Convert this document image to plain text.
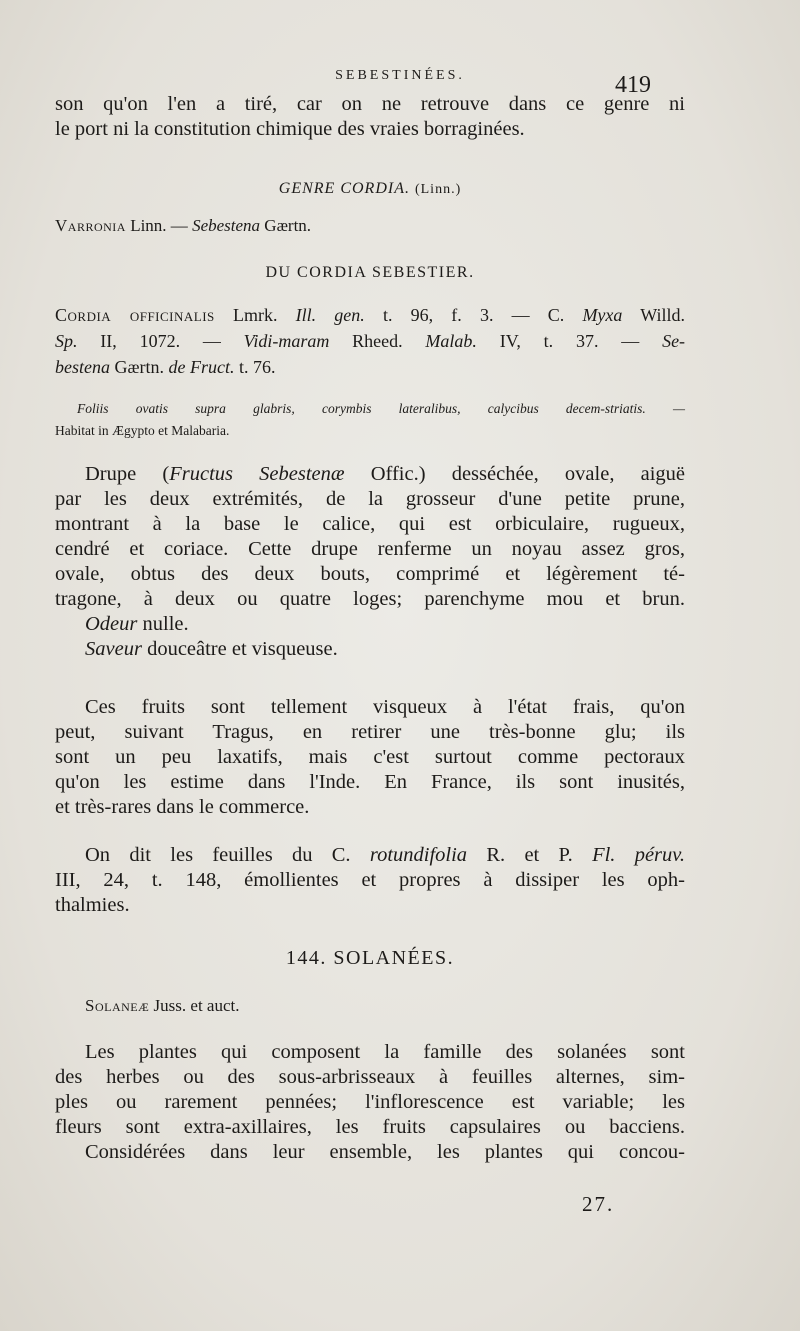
SEBESTINÉES.	419

son qu'on l'en a tiré, car on ne retrouve dans ce genre ni

le port ni la constitution chimique des vraies borraginées.

GENRE CORDIA. (Linn.)

Varronia Linn. — Sebestena Gærtn.
DU CORDIA SEBESTIER.

Cordia officinalis Lmrk. Ill. gen. t. 96, f. 3. — C. Myxa Willd.

Sp. II, 1072. — Vidi-maram Rheed. Malab. IV, t. 37. — Se-

bestena Gærtn. de Fruct. t. 76.

Foliis ovatis supra glabris, corymbis lateralibus, calycibus decem-striatis. —

Habitat in Ægypto et Malabaria.

Drupe (Fructus Sebestenæ Offic.) desséchée, ovale, aiguë

par les deux extrémités, de la grosseur d'une petite prune,

montrant à la base le calice, qui est orbiculaire, rugueux,

cendré et coriace. Cette drupe renferme un noyau assez gros,

ovale, obtus des deux bouts, comprimé et légèrement té-

tragone, à deux ou quatre loges; parenchyme mou et brun.

Odeur nulle.

Saveur douceâtre et visqueuse.

Ces fruits sont tellement visqueux à l'état frais, qu'on

peut, suivant Tragus, en retirer une très-bonne glu; ils

sont un peu laxatifs, mais c'est surtout comme pectoraux

qu'on les estime dans l'Inde. En France, ils sont inusités,

et très-rares dans le commerce.

On dit les feuilles du C. rotundifolia R. et P. Fl. péruv.

III, 24, t. 148, émollientes et propres à dissiper les oph-

thalmies.

144. SOLANÉES.
Solaneæ Juss. et auct.

Les plantes qui composent la famille des solanées sont

des herbes ou des sous-arbrisseaux à feuilles alternes, sim-

ples ou rarement pennées; l'inflorescence est variable; les

fleurs sont extra-axillaires, les fruits capsulaires ou bacciens.

Considérées dans leur ensemble, les plantes qui concou-

27.
